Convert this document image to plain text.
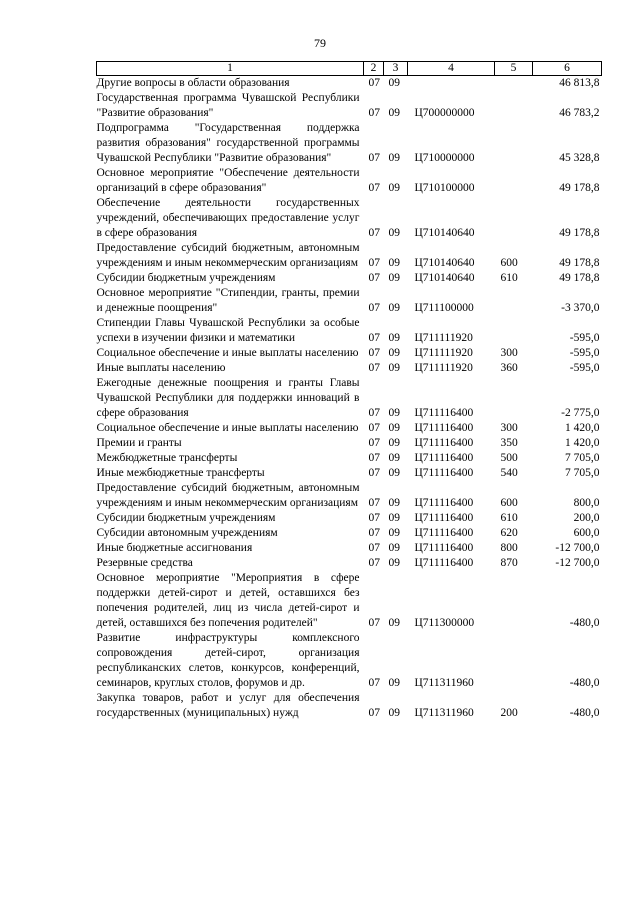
79
1	2	3	4	5	6
Другие вопросы в области образования	07	09			46 813,8
Государственная программа Чувашской Республики "Развитие образования"	07	09	Ц700000000		46 783,2
Подпрограмма "Государственная поддержка развития образования" государственной программы Чувашской Республики "Развитие образования"	07	09	Ц710000000		45 328,8
Основное мероприятие "Обеспечение деятельности организаций в сфере образования"	07	09	Ц710100000		49 178,8
Обеспечение деятельности государственных учреждений, обеспечивающих предоставление услуг в сфере образования	07	09	Ц710140640		49 178,8
Предоставление субсидий бюджетным, автономным учреждениям и иным некоммерческим организациям	07	09	Ц710140640	600	49 178,8
Субсидии бюджетным учреждениям	07	09	Ц710140640	610	49 178,8
Основное мероприятие "Стипендии, гранты, премии и денежные поощрения"	07	09	Ц711100000		-3 370,0
Стипендии Главы Чувашской Республики за особые успехи в изучении физики и математики	07	09	Ц711111920		-595,0
Социальное обеспечение и иные выплаты населению	07	09	Ц711111920	300	-595,0
Иные выплаты населению	07	09	Ц711111920	360	-595,0
Ежегодные денежные поощрения и гранты Главы Чувашской Республики для поддержки инноваций в сфере образования	07	09	Ц711116400		-2 775,0
Социальное обеспечение и иные выплаты населению	07	09	Ц711116400	300	1 420,0
Премии и гранты	07	09	Ц711116400	350	1 420,0
Межбюджетные трансферты	07	09	Ц711116400	500	7 705,0
Иные межбюджетные трансферты	07	09	Ц711116400	540	7 705,0
Предоставление субсидий бюджетным, автономным учреждениям и иным некоммерческим организациям	07	09	Ц711116400	600	800,0
Субсидии бюджетным учреждениям	07	09	Ц711116400	610	200,0
Субсидии автономным учреждениям	07	09	Ц711116400	620	600,0
Иные бюджетные ассигнования	07	09	Ц711116400	800	-12 700,0
Резервные средства	07	09	Ц711116400	870	-12 700,0
Основное мероприятие "Мероприятия в сфере поддержки детей-сирот и детей, оставшихся без попечения родителей, лиц из числа детей-сирот и детей, оставшихся без попечения родителей"	07	09	Ц711300000		-480,0
Развитие инфраструктуры комплексного сопровождения детей-сирот, организация республиканских слетов, конкурсов, конференций, семинаров, круглых столов, форумов и др.	07	09	Ц711311960		-480,0
Закупка товаров, работ и услуг для обеспечения государственных (муниципальных) нужд	07	09	Ц711311960	200	-480,0
